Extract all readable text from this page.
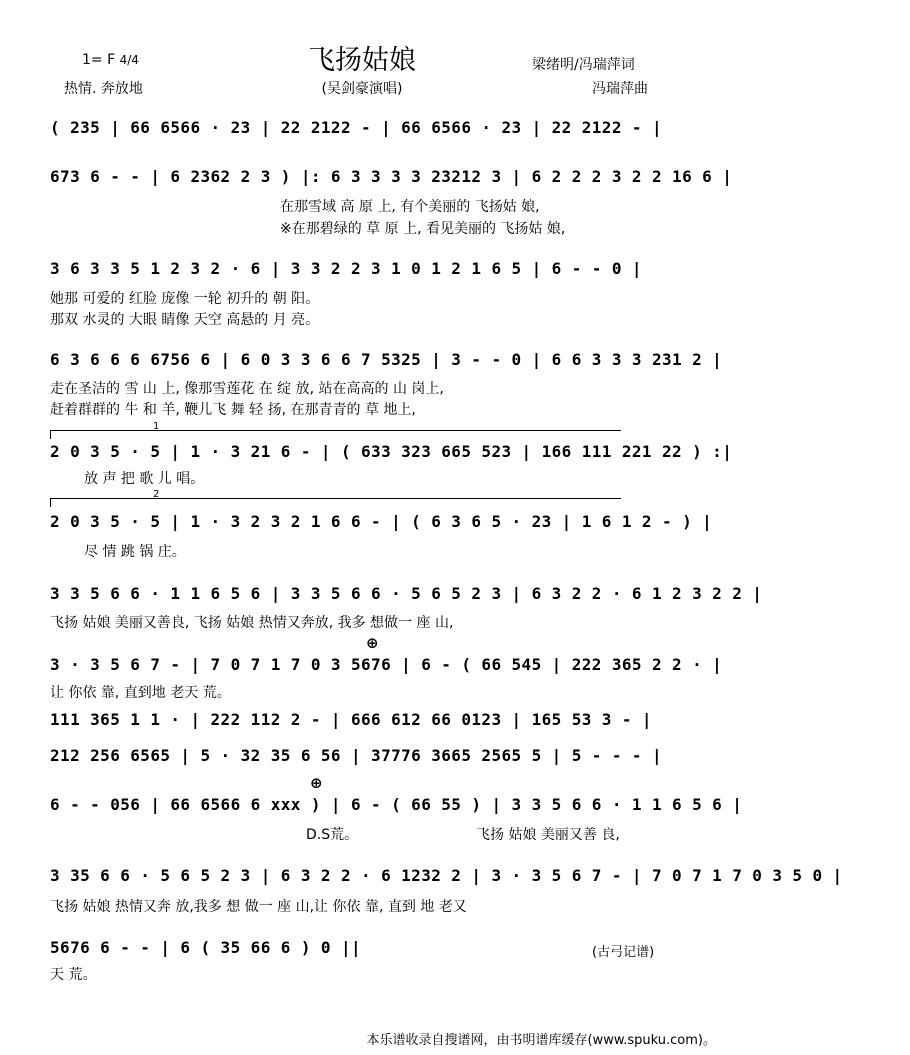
1= F 4/4	飞扬姑娘
热情. 奔放地	(吴剑豪演唱)
梁绪明/冯瑞萍词
冯瑞萍曲
( 235 | 66 6566 · 23 | 22 2122 - | 66 6566 · 23 | 22 2122 - |
673 6 - - | 6 2362 2 3 ) |: 6 3 3 3 3 23212 3 | 6 2 2 2 3 2 2 16 6 |
在那雪域 高 原 上, 有个美丽的 飞扬姑 娘,
※在那碧绿的 草 原 上, 看见美丽的 飞扬姑 娘,
3 6 3 3 5 1 2 3 2 · 6 | 3 3 2 2 3 1 0 1 2 1 6 5 | 6 - - 0 |
她那 可爱的 红脸 庞像 一轮 初升的 朝 阳。
那双 水灵的 大眼 睛像 天空 高悬的 月 亮。
6 3 6 6 6 6756 6 | 6 0 3 3 6 6 7 5325 | 3 - - 0 | 6 6 3 3 3 231 2 |
走在圣洁的 雪 山 上, 像那雪莲花 在 绽 放, 站在高高的 山 岗上,
赶着群群的 牛 和 羊, 鞭儿飞 舞 轻 扬, 在那青青的 草 地上,
1
2 0 3 5 · 5 | 1 · 3 21 6 - | ( 633 323 665 523 | 166 111 221 22 ) :|
放 声 把 歌 儿 唱。
2
2 0 3 5 · 5 | 1 · 3 2 3 2 1 6 6 - | ( 6 3 6 5 · 23 | 1 6 1 2 - ) |
尽 情 跳 锅 庄。
3 3 5 6 6 · 1 1 6 5 6 | 3 3 5 6 6 · 5 6 5 2 3 | 6 3 2 2 · 6 1 2 3 2 2 |
飞扬 姑娘 美丽又善良, 飞扬 姑娘 热情又奔放, 我多 想做一 座 山,
⊕
3 · 3 5 6 7 - | 7 0 7 1 7 0 3 5676 | 6 - ( 66 545 | 222 365 2 2 · |
让 你依 靠, 直到地 老天 荒。
111 365 1 1 · | 222 112 2 - | 666 612 66 0123 | 165 53 3 - |
212 256 6565 | 5 · 32 35 6 56 | 37776 3665 2565 5 | 5 - - - |
⊕
6 - - 056 | 66 6566 6 xxx ) | 6 - ( 66 55 ) | 3 3 5 6 6 · 1 1 6 5 6 |
D.S荒。	飞扬 姑娘 美丽又善 良,
3 35 6 6 · 5 6 5 2 3 | 6 3 2 2 · 6 1232 2 | 3 · 3 5 6 7 - | 7 0 7 1 7 0 3 5 0 |
飞扬 姑娘 热情又奔 放,我多 想 做一 座 山,让 你依 靠, 直到 地 老又
5676 6 - - | 6 ( 35 66 6 ) 0 ||	(古弓记谱)
天 荒。
本乐谱收录自搜谱网，由书明谱库缓存(www.spuku.com)。
